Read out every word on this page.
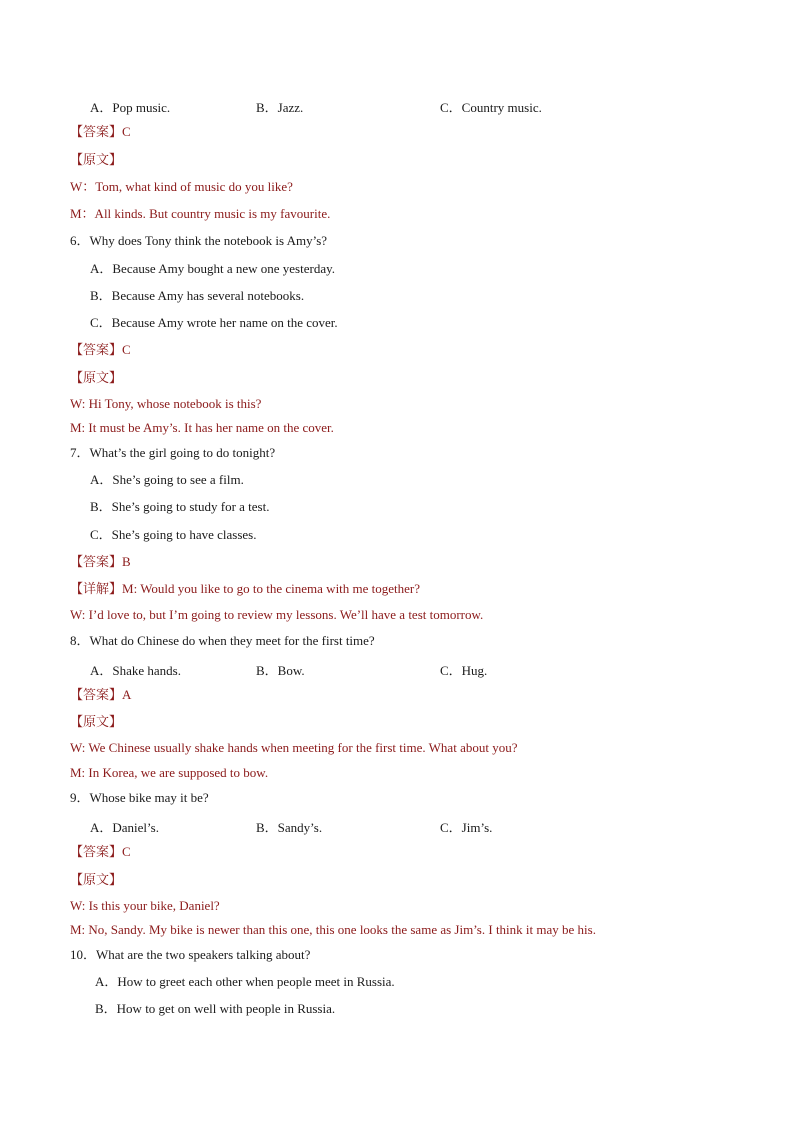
A．Pop music.	B．Jazz.	C．Country music.
【答案】C
【原文】
W：Tom, what kind of music do you like?
M：All kinds. But country music is my favourite.
6．Why does Tony think the notebook is Amy’s?
A．Because Amy bought a new one yesterday.
B．Because Amy has several notebooks.
C．Because Amy wrote her name on the cover.
【答案】C
【原文】
W: Hi Tony, whose notebook is this?
M: It must be Amy’s. It has her name on the cover.
7．What’s the girl going to do tonight?
A．She’s going to see a film.
B．She’s going to study for a test.
C．She’s going to have classes.
【答案】B
【详解】M: Would you like to go to the cinema with me together?
W: I’d love to, but I’m going to review my lessons. We’ll have a test tomorrow.
8．What do Chinese do when they meet for the first time?
A．Shake hands.	B．Bow.	C．Hug.
【答案】A
【原文】
W: We Chinese usually shake hands when meeting for the first time. What about you?
M: In Korea, we are supposed to bow.
9．Whose bike may it be?
A．Daniel’s.	B．Sandy’s.	C．Jim’s.
【答案】C
【原文】
W: Is this your bike, Daniel?
M: No, Sandy. My bike is newer than this one, this one looks the same as Jim’s. I think it may be his.
10．What are the two speakers talking about?
A．How to greet each other when people meet in Russia.
B．How to get on well with people in Russia.
